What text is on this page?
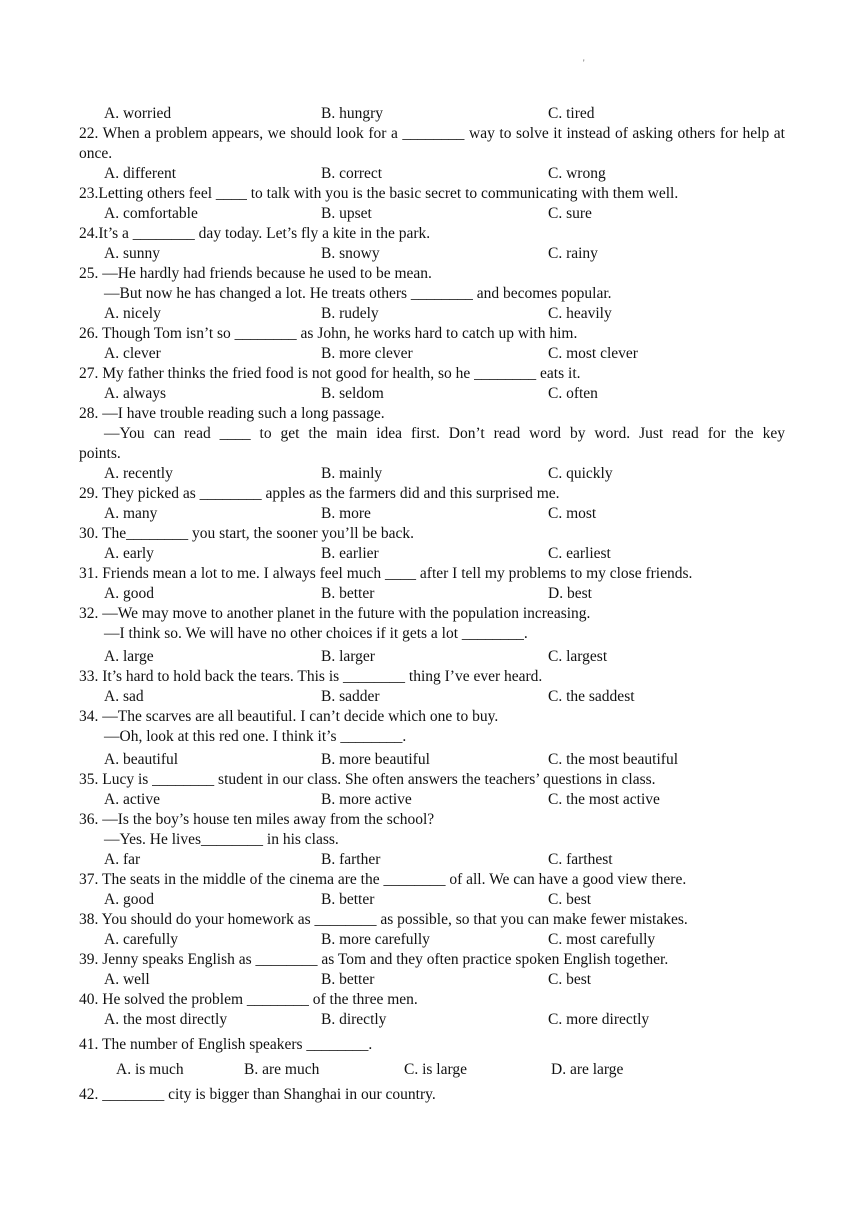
'
A. worried	B. hungry	C. tired
22. When a problem appears, we should look for a ________ way to solve it instead of asking others for help at once.
A. different	B. correct	C. wrong
23.Letting others feel ____ to talk with you is the basic secret to communicating with them well.
A. comfortable	B. upset	C. sure
24.It’s a ________ day today. Let’s fly a kite in the park.
A. sunny	B. snowy	C. rainy
25. —He hardly had friends because he used to be mean.
—But now he has changed a lot. He treats others ________ and becomes popular.
A. nicely	B. rudely	C. heavily
26. Though Tom isn’t so ________ as John, he works hard to catch up with him.
A. clever	B. more clever	C. most clever
27. My father thinks the fried food is not good for health, so he ________ eats it.
A. always	B. seldom	C. often
28. —I have trouble reading such a long passage.
—You can read ____ to get the main idea first. Don’t read word by word. Just read for the key
points.
A. recently	B. mainly	C. quickly
29. They picked as ________ apples as the farmers did and this surprised me.
A. many	B. more	C. most
30. The________ you start, the sooner you’ll be back.
A. early	B. earlier	C. earliest
31. Friends mean a lot to me. I always feel much ____ after I tell my problems to my close friends.
A. good	B. better	D. best
32. —We may move to another planet in the future with the population increasing.
—I think so. We will have no other choices if it gets a lot ________.
A. large	B. larger	C. largest
33. It’s hard to hold back the tears. This is ________ thing I’ve ever heard.
A. sad	B. sadder	C. the saddest
34. —The scarves are all beautiful. I can’t decide which one to buy.
—Oh, look at this red one. I think it’s ________.
A. beautiful	B. more beautiful	C. the most beautiful
35. Lucy is ________ student in our class. She often answers the teachers’ questions in class.
A. active	B. more active	C. the most active
36. —Is the boy’s house ten miles away from the school?
—Yes. He lives________ in his class.
A. far	B. farther	C. farthest
37. The seats in the middle of the cinema are the ________ of all. We can have a good view there.
A. good	B. better	C. best
38. You should do your homework as ________ as possible, so that you can make fewer mistakes.
A. carefully	B. more carefully	C. most carefully
39. Jenny speaks English as ________ as Tom and they often practice spoken English together.
A. well	B. better	C. best
40. He solved the problem ________ of the three men.
A. the most directly	B. directly	C. more directly
41. The number of English speakers ________.
A. is much	B. are much	C. is large	D. are large
42. ________ city is bigger than Shanghai in our country.
